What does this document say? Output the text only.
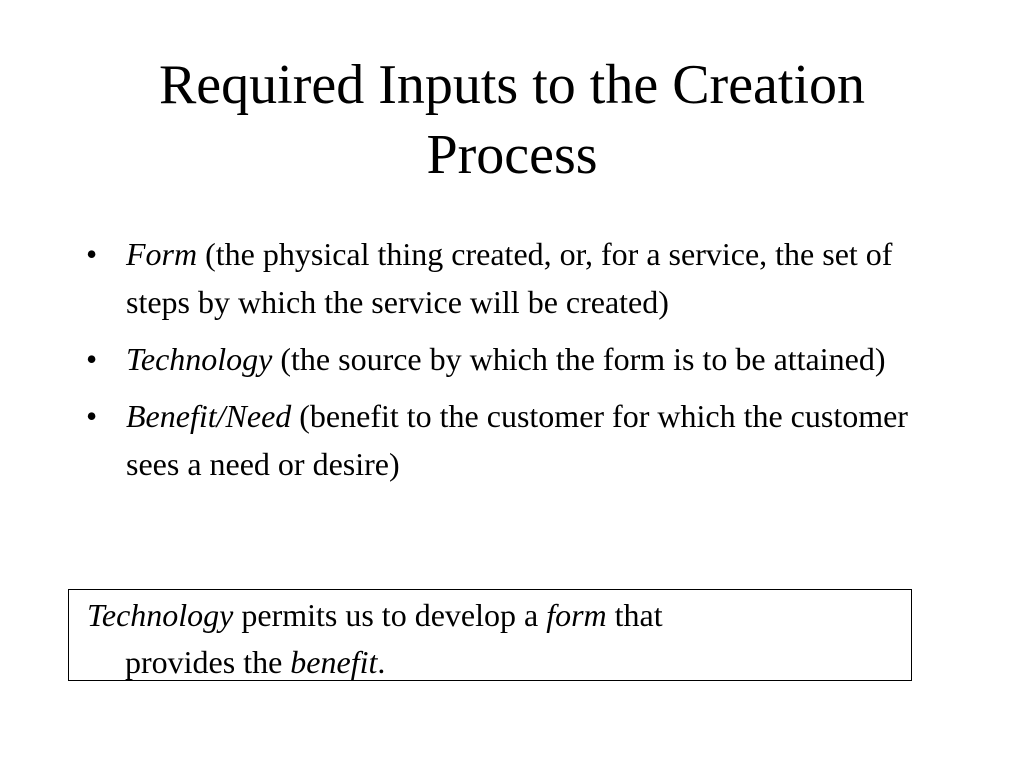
Required Inputs to the Creation
Process
• Form (the physical thing created, or, for a service, the set of steps by which the service will be created)
• Technology (the source by which the form is to be attained)
• Benefit/Need (benefit to the customer for which the customer sees a need or desire)
Technology permits us to develop a form that
provides the benefit.
